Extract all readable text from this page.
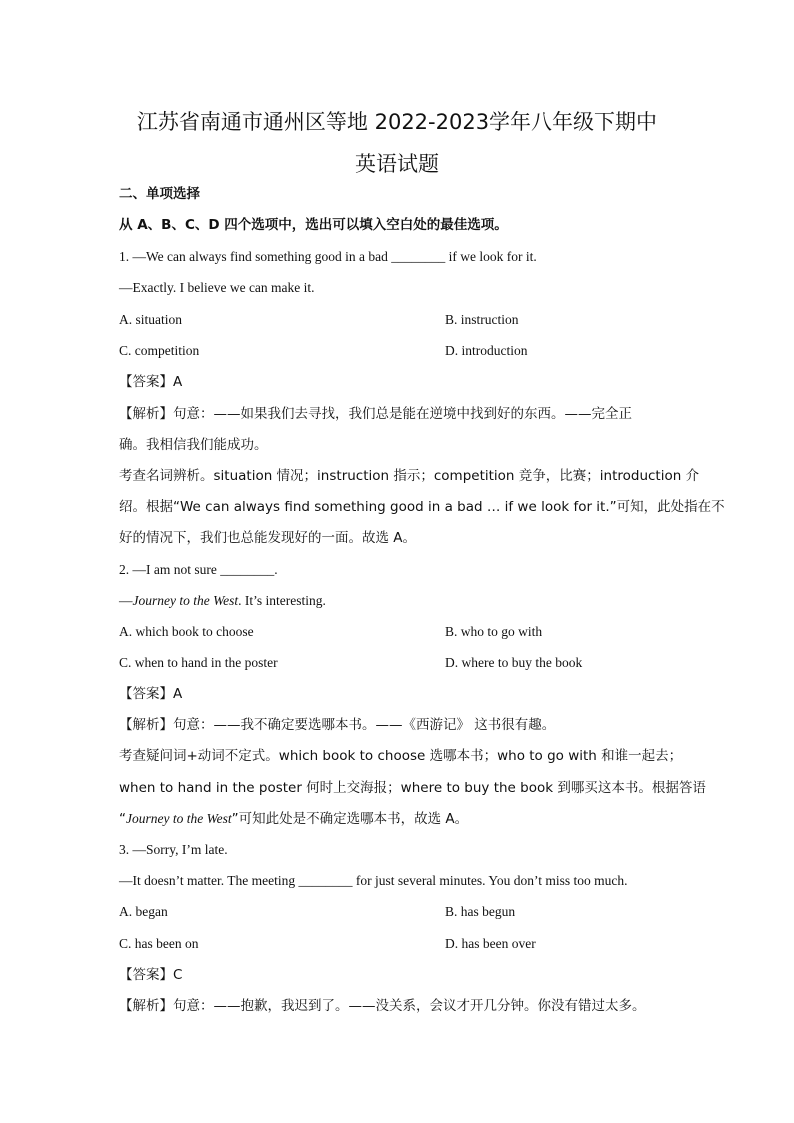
江苏省南通市通州区等地 2022-2023学年八年级下期中
英语试题
二、单项选择
从 A、B、C、D 四个选项中，选出可以填入空白处的最佳选项。
1. —We can always find something good in a bad ________ if we look for it.
—Exactly. I believe we can make it.
A. situation	B. instruction
C. competition	D. introduction
【答案】A
【解析】句意：——如果我们去寻找，我们总是能在逆境中找到好的东西。——完全正
确。我相信我们能成功。
考查名词辨析。situation 情况；instruction 指示；competition 竞争，比赛；introduction 介
绍。根据“We can always find something good in a bad … if we look for it.”可知，此处指在不
好的情况下，我们也总能发现好的一面。故选 A。
2. —I am not sure ________.
—Journey to the West. It’s interesting.
A. which book to choose	B. who to go with
C. when to hand in the poster	D. where to buy the book
【答案】A
【解析】句意：——我不确定要选哪本书。——《西游记》 这书很有趣。
考查疑问词+动词不定式。which book to choose 选哪本书；who to go with 和谁一起去；
when to hand in the poster 何时上交海报；where to buy the book 到哪买这本书。根据答语
“Journey to the West”可知此处是不确定选哪本书，故选 A。
3. —Sorry, I’m late.
—It doesn’t matter. The meeting ________ for just several minutes. You don’t miss too much.
A. began	B. has begun
C. has been on	D. has been over
【答案】C
【解析】句意：——抱歉，我迟到了。——没关系，会议才开几分钟。你没有错过太多。
